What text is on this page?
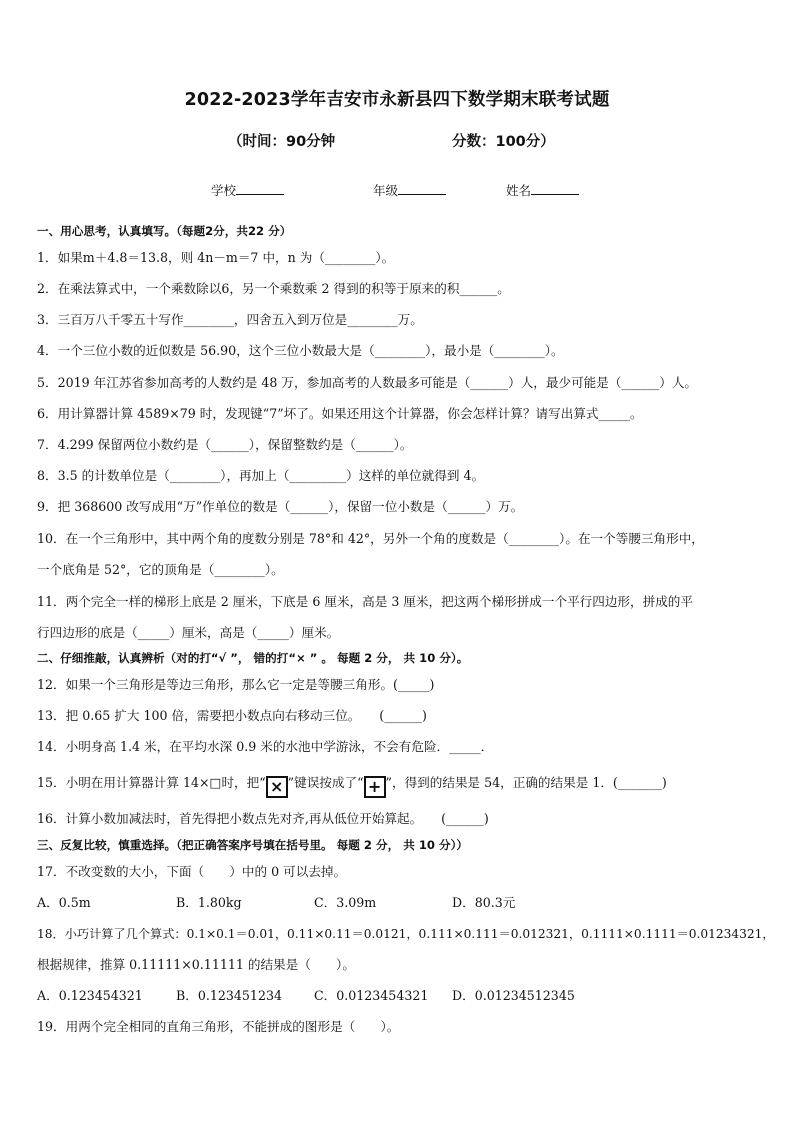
2022-2023学年吉安市永新县四下数学期末联考试题
（时间：90分钟	分数：100分）
学校	年级	姓名
一、用心思考，认真填写。（每题2分，共22 分）
1．如果m＋4.8＝13.8，则 4n－m＝7 中，n 为（________）。
2．在乘法算式中，一个乘数除以6，另一个乘数乘 2 得到的积等于原来的积______。
3．三百万八千零五十写作________，四舍五入到万位是________万。
4．一个三位小数的近似数是 56.90，这个三位小数最大是（________），最小是（________）。
5．2019 年江苏省参加高考的人数约是 48 万，参加高考的人数最多可能是（______）人，最少可能是（______）人。
6．用计算器计算 4589×79 时，发现键“7”坏了。如果还用这个计算器，你会怎样计算？请写出算式_____。
7．4.299 保留两位小数约是（______），保留整数约是（______）。
8．3.5 的计数单位是（________），再加上（_________）这样的单位就得到 4。
9．把 368600 改写成用“万”作单位的数是（______），保留一位小数是（______）万。
10．在一个三角形中，其中两个角的度数分别是 78°和 42°，另外一个角的度数是（________）。在一个等腰三角形中，
一个底角是 52°，它的顶角是（________）。
11．两个完全一样的梯形上底是 2 厘米，下底是 6 厘米，高是 3 厘米，把这两个梯形拼成一个平行四边形，拼成的平
行四边形的底是（_____）厘米，高是（_____）厘米。
二、仔细推敲，认真辨析（对的打“√ ”， 错的打“× ” 。 每题 2 分， 共 10 分）。
12．如果一个三角形是等边三角形，那么它一定是等腰三角形。(_____)
13．把 0.65 扩大 100 倍，需要把小数点向右移动三位。　　(______)
14．小明身高 1.4 米，在平均水深 0.9 米的水池中学游泳，不会有危险．_____．
15．小明在用计算器计算 14×□时，把“ × ”键误按成了“ + ”，得到的结果是 54，正确的结果是 1．(_______)
16．计算小数加减法时，首先得把小数点先对齐,再从低位开始算起。　　(______)
三、反复比较，慎重选择。（把正确答案序号填在括号里。 每题 2 分， 共 10 分））
17．不改变数的大小，下面（　　）中的 0 可以去掉。
A．0.5m	B．1.80kg	C．3.09m	D．80.3元
18．小巧计算了几个算式：0.1×0.1＝0.01，0.11×0.11＝0.0121，0.111×0.111＝0.012321，0.1111×0.1111＝0.01234321，
根据规律，推算 0.11111×0.11111 的结果是（　　）。
A．0.123454321	B．0.123451234	C．0.0123454321 D．0.01234512345
19．用两个完全相同的直角三角形，不能拼成的图形是（　　）。
